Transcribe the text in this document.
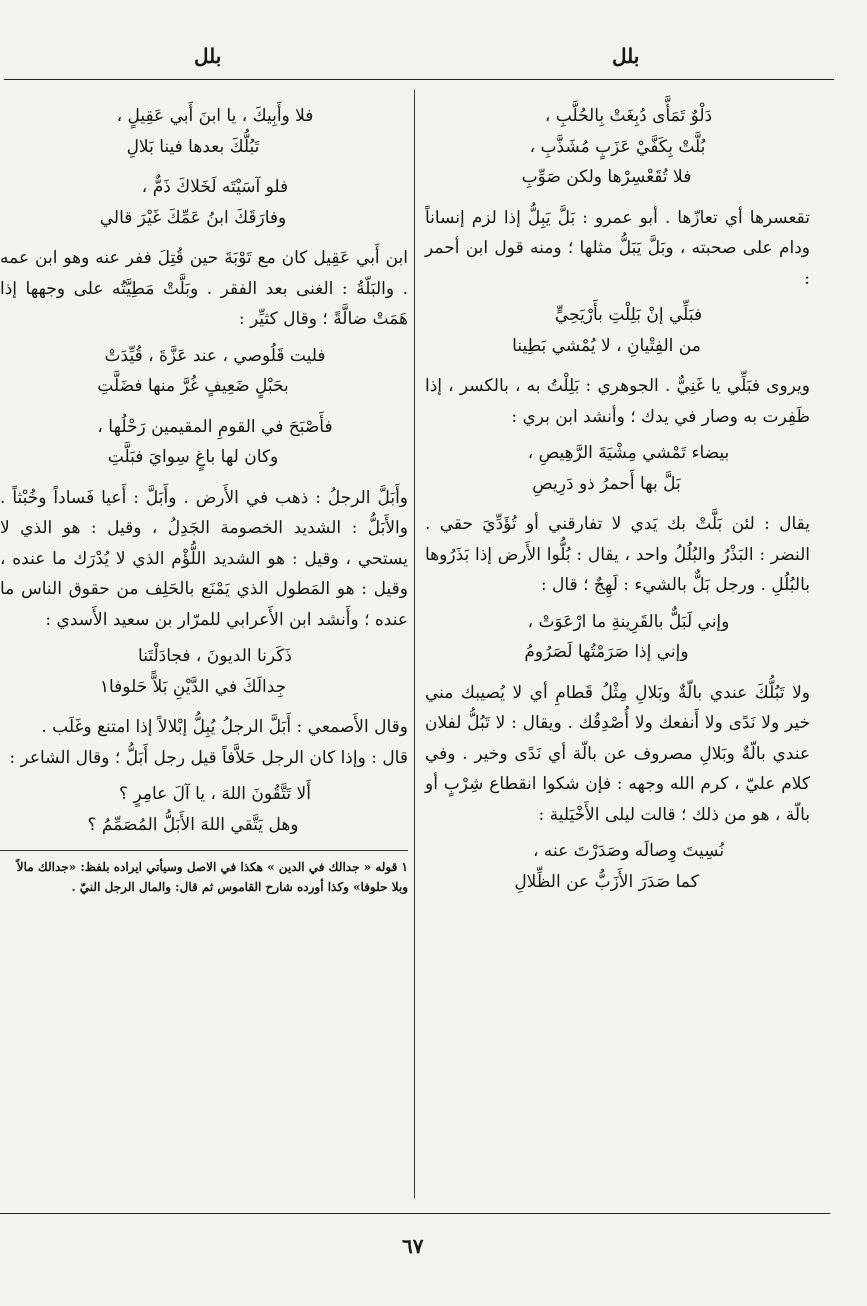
بلل
بلل
دَلْوٌ تَمَأَّى دُبِغَتْ بِالحُلَّبِ ،
بُلَّتْ بِكَفَّيْ عَزَبٍ مُشَذَّبِ ،
فلا تُقَعْسِرْها ولكن صَوِّبِ

تقعسرها أي تعازّها . أبو عمرو : بَلَّ يَبِلُّ إذا لزم إنساناً ودام على صحبته ، وبَلَّ يَبَلُّ مثلها ؛ ومنه قول ابن أحمر :

فبَلِّي إنْ بَلِلْتِ بأَرْيَحِيٍّ
من الفِتْيانِ ، لا يُمْشي بَطِينا

ويروى فبَلِّي يا غَنِيٌّ . الجوهري : بَلِلْتُ به ، بالكسر ، إذا ظَفِرت به وصار في يدك ؛ وأنشد ابن بري :

بيضاء تَمْشي مِشْيَةَ الرَّهِيصِ ،
بَلَّ بها أَحمرُ ذو دَرِيصِ

يقال : لئن بَلَّتْ بك يَدي لا تفارقني أو تُؤَدِّيَ حقي . النضر : البَذْرُ والبُلُلُ واحد ، يقال : بُلُّوا الأَرض إذا بَذَرُوها بالبُلُلِ . ورجل بَلٌّ بالشيء : لَهِجٌ ؛ قال :

وإني لَبَلٌّ بالقَرِينةِ ما ارْعَوَتْ ،
وإني إذا صَرَمْتُها لَصَرُومُ

ولا تَبُلُّكَ عندي بالّةٌ وبَلالِ مِثْلُ قَطامِ أي لا يُصيبك مني خير ولا نَدًى ولا أَنفعك ولا أُصْدِقُك . ويقال : لا تَبُلُّ لفلان عندي بالّةٌ وبَلالِ مصروف عن بالّة أي نَدًى وخير . وفي كلام عليّ ، كرم الله وجهه : فإن شكوا انقطاع شِرْبٍ أو بالّة ، هو من ذلك ؛ قالت ليلى الأَخْيَلية :

نُسِيتَ وِصالَه وصَدَرْتَ عنه ،
كما صَدَرَ الأَزَبُّ عن الظِّلالِ
فلا وأَبِيكَ ، يا ابنَ أَبي عَقِيلٍ ،
تَبُلُّكَ بعدها فينا بَلالِ
فلو آسَيْتَه لَخَلاكَ ذَمٌّ ،
وفارَقَكَ ابنُ عَمِّكَ غَيْرَ قالي

ابن أَبي عَقِيل كان مع تَوْبَةَ حين قُتِلَ ففر عنه وهو ابن عمه . والبَلّةُ : الغنى بعد الفقر . وبَلَّتْ مَطِيَّتُه على وجهها إذا هَمَتْ ضالَّةً ؛ وقال كثيِّر :

فليت قَلُوصي ، عند عَزَّةَ ، قُيِّدَتْ
بحَبْلٍ ضَعِيفٍ غُرَّ منها فضَلَّتِ
فأَصْبَحَ في القومِ المقيمين رَحْلُها ،
وكان لها باغٍ سِوايَ فبَلَّتِ

وأَبَلَّ الرجلُ : ذهب في الأَرض . وأَبَلَّ : أَعيا فَساداً وخُبْثاً . والأَبَلُّ : الشديد الخصومة الجَدِلُ ، وقيل : هو الذي لا يستحي ، وقيل : هو الشديد اللُّؤْم الذي لا يُدْرَك ما عنده ، وقيل : هو المَطول الذي يَمْنَع بالحَلِف من حقوق الناس ما عنده ؛ وأَنشد ابن الأَعرابي للمرّار بن سعيد الأَسدي :

ذَكَرنا الديونَ ، فجادَلْتَنا
جِدالَكَ في الدَّيْنِ بَلاًّ حَلوفا١

وقال الأَصمعي : أَبَلَّ الرجلُ يُبِلُّ إبْلالاً إذا امتنع وغَلَب .

قال : وإذا كان الرجل حَلاَّفاً قيل رجل أَبَلُّ ؛ وقال الشاعر :

أَلا تَتَّقُونَ اللهَ ، يا آلَ عامِرٍ ؟
وهل يَتَّقي اللهَ الأَبَلُّ المُصَمِّمُ ؟
١ قوله « جدالك في الدين » هكذا في الاصل وسيأتي ايراده بلفظ: «جدالك مالاً وبلا حلوفا» وكذا أورده شارح القاموس ثم قال: والمال الرجل النيّ .
٦٧
